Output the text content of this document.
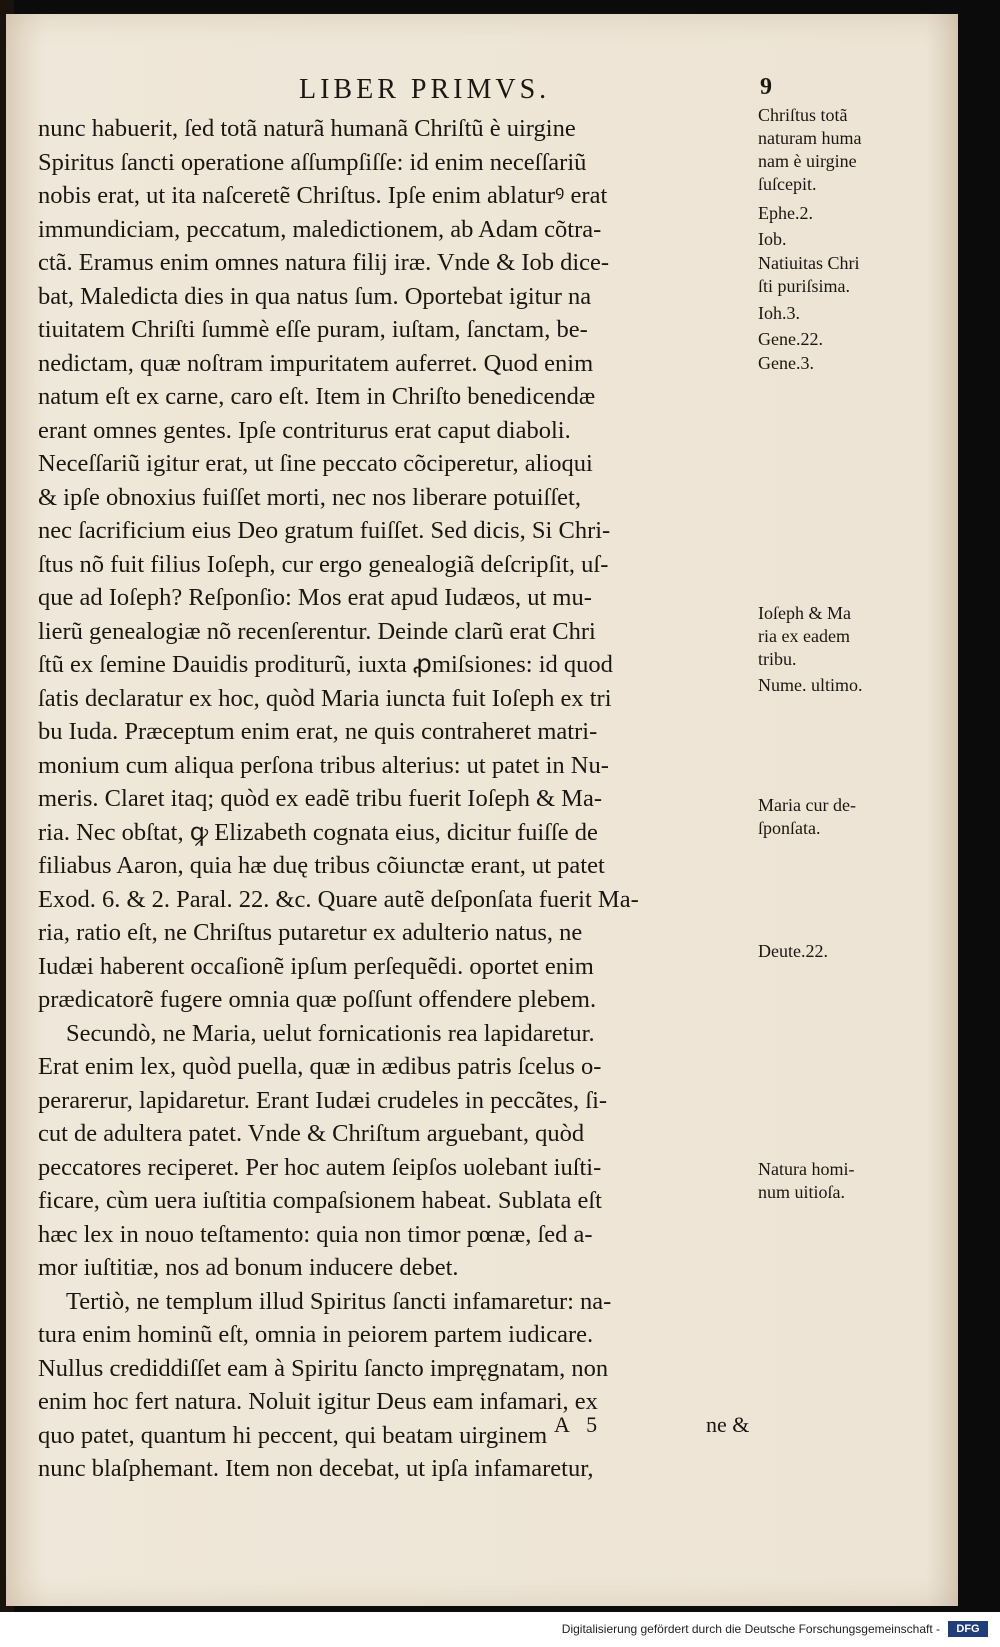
LIBER PRIMVS.	9
nunc habuerit, ſed totã naturã humanã Chriſtũ è uirgine
Spiritus ſancti operatione aſſumpſiſſe: id enim neceſſariũ
nobis erat, ut ita naſceretẽ Chriſtus. Ipſe enim ablaturꝰ erat
immundiciam, peccatum, maledictionem, ab Adam cõtra-
ctã. Eramus enim omnes natura filij iræ. Vnde & Iob dice-
bat, Maledicta dies in qua natus ſum. Oportebat igitur na
tiuitatem Chriſti ſummè eſſe puram, iuſtam, ſanctam, be-
nedictam, quæ noſtram impuritatem auferret. Quod enim
natum eſt ex carne, caro eſt. Item in Chriſto benedicendæ
erant omnes gentes. Ipſe contriturus erat caput diaboli.
Neceſſariũ igitur erat, ut ſine peccato cõciperetur, alioqui
& ipſe obnoxius fuiſſet morti, nec nos liberare potuiſſet,
nec ſacrificium eius Deo gratum fuiſſet. Sed dicis, Si Chri-
ſtus nõ fuit filius Ioſeph, cur ergo genealogiã deſcripſit, uſ-
que ad Ioſeph? Reſponſio: Mos erat apud Iudæos, ut mu-
lierũ genealogiæ nõ recenſerentur. Deinde clarũ erat Chri
ſtũ ex ſemine Dauidis proditurũ, iuxta ꝓmiſsiones: id quod
ſatis declaratur ex hoc, quòd Maria iuncta fuit Ioſeph ex tri
bu Iuda. Præceptum enim erat, ne quis contraheret matri-
monium cum aliqua perſona tribus alterius: ut patet in Nu-
meris. Claret itaq; quòd ex eadẽ tribu fuerit Ioſeph & Ma-
ria. Nec obſtat, ꝙ Elizabeth cognata eius, dicitur fuiſſe de
filiabus Aaron, quia hæ duę tribus cõiunctæ erant, ut patet
Exod. 6. & 2. Paral. 22. &c. Quare autẽ deſponſata fuerit Ma-
ria, ratio eſt, ne Chriſtus putaretur ex adulterio natus, ne
Iudæi haberent occaſionẽ ipſum perſequẽdi. oportet enim
prædicatorẽ fugere omnia quæ poſſunt offendere plebem.
Secundò, ne Maria, uelut fornicationis rea lapidaretur.
Erat enim lex, quòd puella, quæ in ædibus patris ſcelus o-
perarerur, lapidaretur. Erant Iudæi crudeles in peccãtes, ſi-
cut de adultera patet. Vnde & Chriſtum arguebant, quòd
peccatores reciperet. Per hoc autem ſeipſos uolebant iuſti-
ficare, cùm uera iuſtitia compaſsionem habeat. Sublata eſt
hæc lex in nouo teſtamento: quia non timor pœnæ, ſed a-
mor iuſtitiæ, nos ad bonum inducere debet.
Tertiò, ne templum illud Spiritus ſancti infamaretur: na-
tura enim hominũ eſt, omnia in peiorem partem iudicare.
Nullus crediddiſſet eam à Spiritu ſancto impręgnatam, non
enim hoc fert natura. Noluit igitur Deus eam infamari, ex
quo patet, quantum hi peccent, qui beatam uirginem
nunc blaſphemant. Item non decebat, ut ipſa infamaretur,
Chriſtus totã
naturam huma
nam è uirgine
ſuſcepit.
Ephe.2.
Iob.
Natiuitas Chri
ſti puriſsima.
Ioh.3.
Gene.22.
Gene.3.
Ioſeph & Ma
ria ex eadem
tribu.
Nume. ultimo.
Maria cur de-
ſponſata.
Deute.22.
Natura homi-
num uitioſa.
A 5	ne &
Digitalisierung gefördert durch die Deutsche Forschungsgemeinschaft -	DFG
